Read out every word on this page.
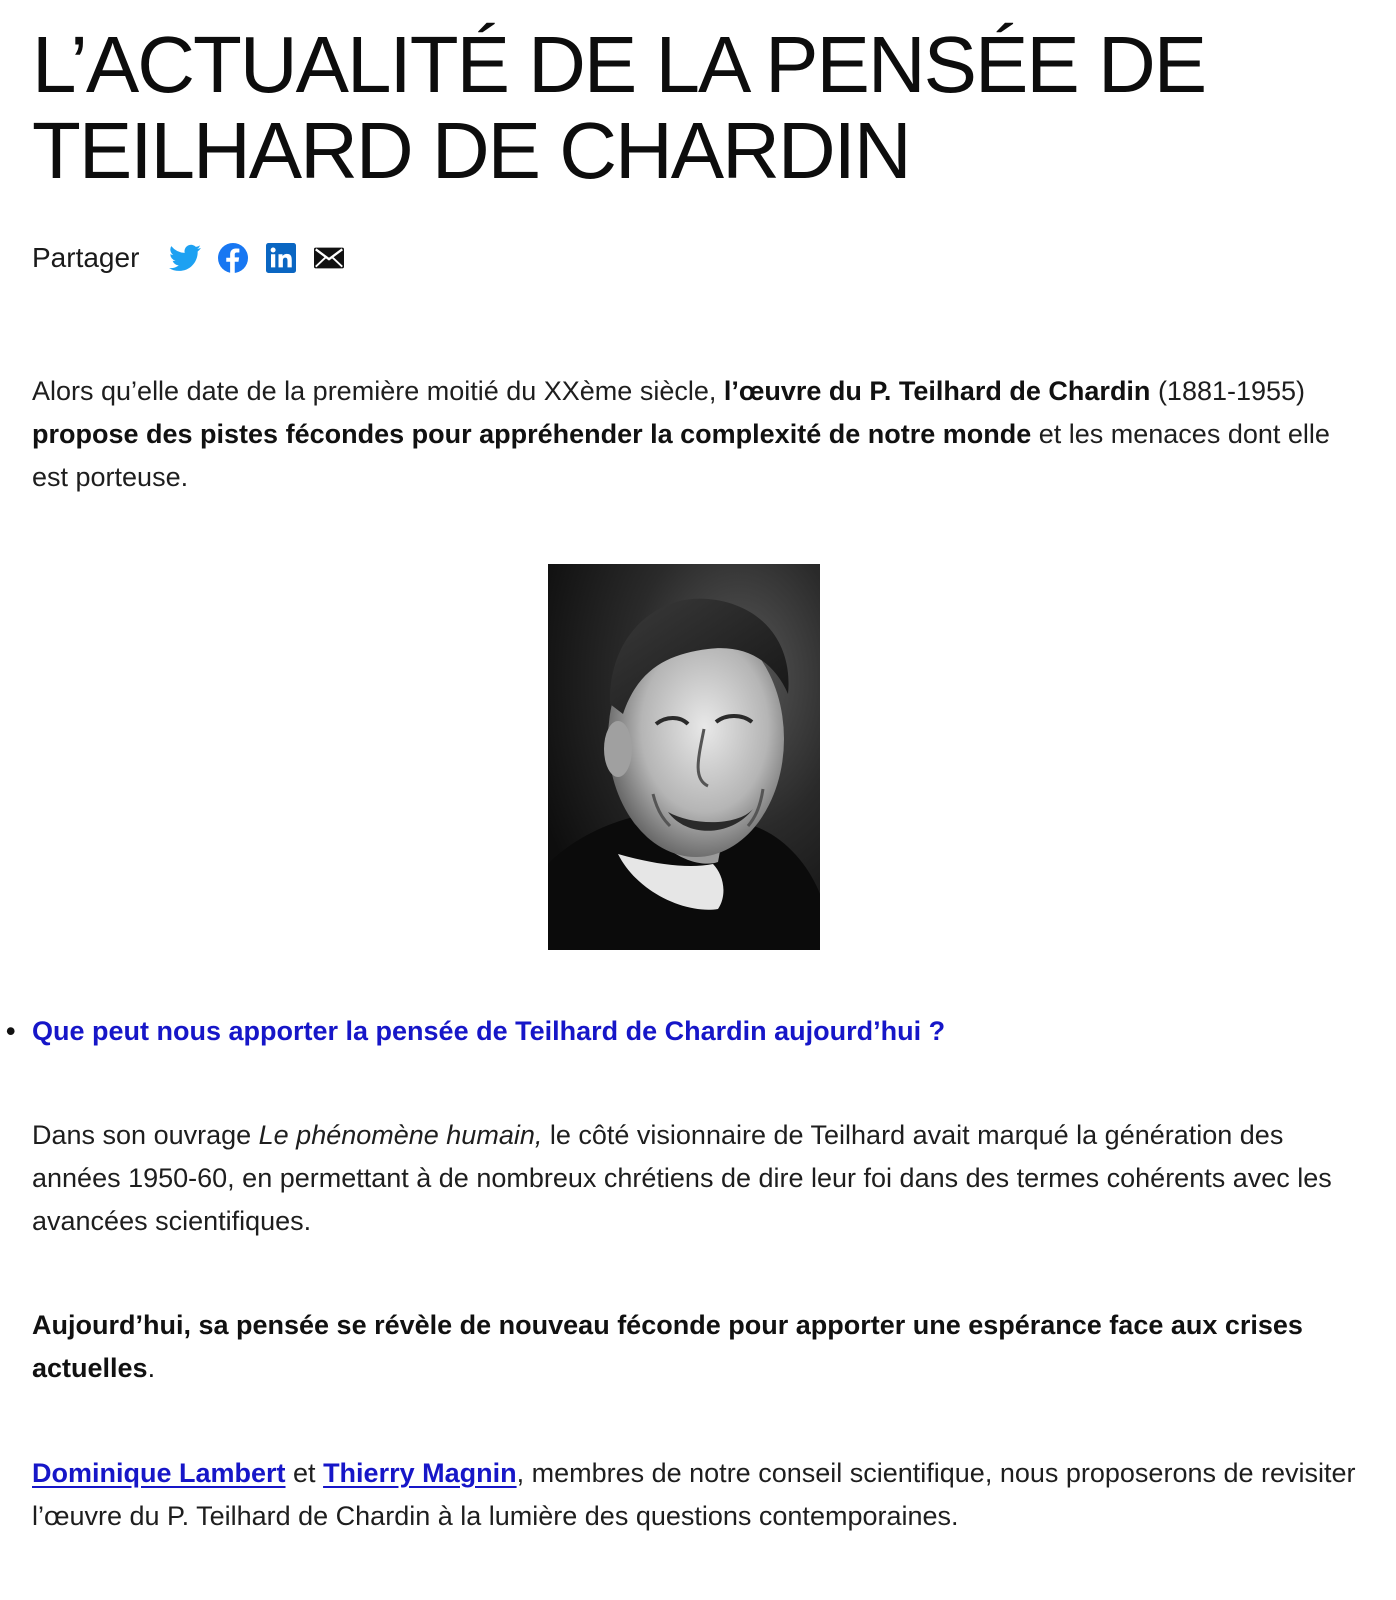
L’ACTUALITÉ DE LA PENSÉE DE
TEILHARD DE CHARDIN
Partager

Alors qu’elle date de la première moitié du XXème siècle, l’œuvre du P. Teilhard de Chardin (1881-1955) propose des pistes fécondes pour appréhender la complexité de notre monde et les menaces dont elle est porteuse.

• Que peut nous apporter la pensée de Teilhard de Chardin aujourd’hui ?

Dans son ouvrage Le phénomène humain, le côté visionnaire de Teilhard avait marqué la génération des années 1950-60, en permettant à de nombreux chrétiens de dire leur foi dans des termes cohérents avec les avancées scientifiques.

Aujourd’hui, sa pensée se révèle de nouveau féconde pour apporter une espérance face aux crises actuelles.

Dominique Lambert et Thierry Magnin, membres de notre conseil scientifique, nous proposerons de revisiter l’œuvre du P. Teilhard de Chardin à la lumière des questions contemporaines.
